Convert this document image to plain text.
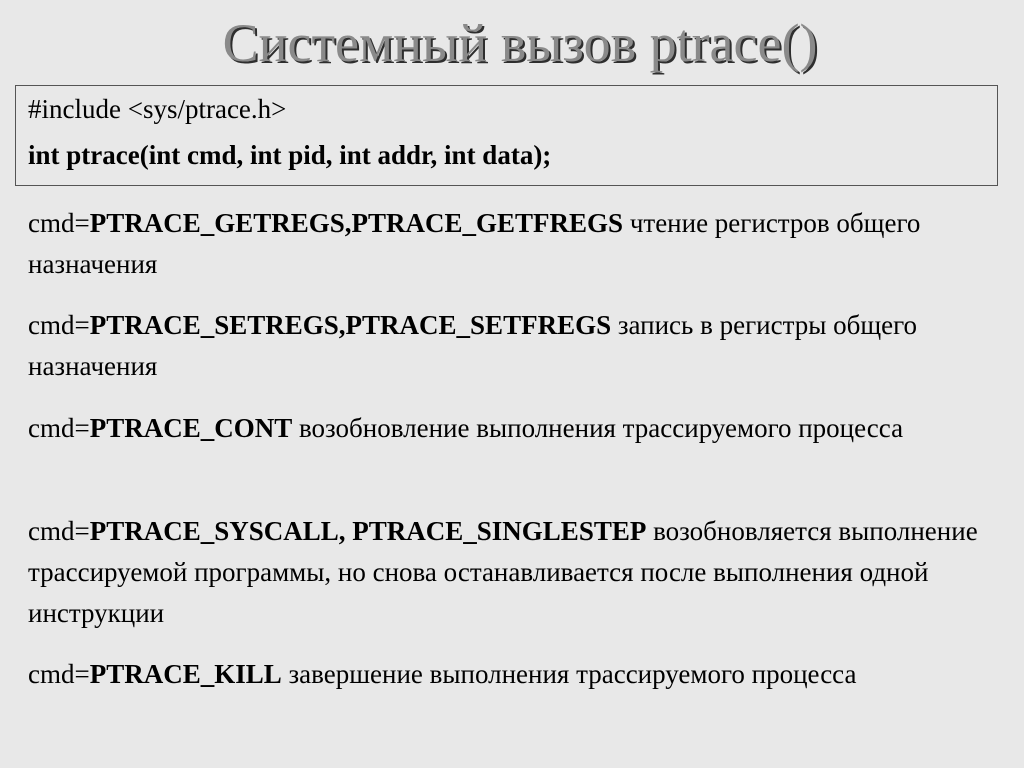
Системный вызов ptrace()
#include <sys/ptrace.h>
int ptrace(int cmd, int pid, int addr, int data);
cmd=PTRACE_GETREGS,PTRACE_GETFREGS чтение регистров общего назначения
cmd=PTRACE_SETREGS,PTRACE_SETFREGS запись в регистры общего назначения
cmd=PTRACE_CONT возобновление выполнения трассируемого процесса
cmd=PTRACE_SYSCALL, PTRACE_SINGLESTEP возобновляется выполнение трассируемой программы, но снова останавливается после выполнения одной инструкции
cmd=PTRACE_KILL завершение выполнения трассируемого процесса
